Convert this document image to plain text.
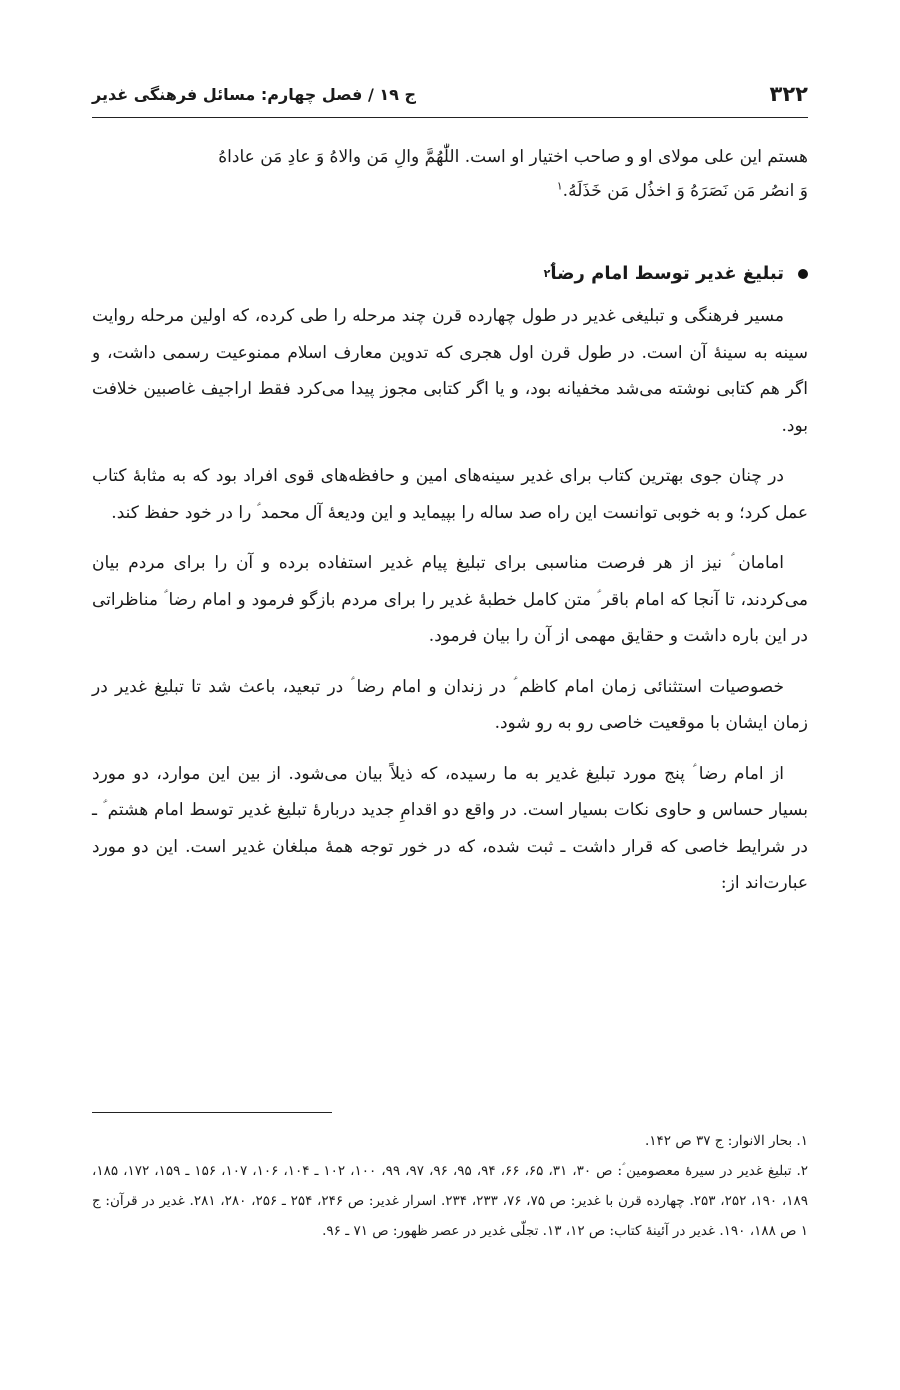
۳۲۲
ج ۱۹ / فصل چهارم: مسائل فرهنگی غدیر

هستم این علی مولای او و صاحب اختیار او است. اللّٰهُمَّ والِ مَن والاهُ وَ عادِ مَن عاداهُ

وَ انصُر مَن نَصَرَهُ وَ اخذُل مَن خَذَلَهُ.$^۱$

تبلیغ غدیر توسط امام رضا
۲

مسیر فرهنگی و تبلیغی غدیر در طول چهارده قرن چند مرحله را طی کرده، که اولین مرحله روایت سینه به سینهٔ آن است. در طول قرن اول هجری که تدوین معارف اسلام ممنوعیت رسمی داشت، و اگر هم کتابی نوشته می‌شد مخفیانه بود، و یا اگر کتابی مجوز پیدا می‌کرد فقط اراجیف غاصبین خلافت بود.

در چنان جوی بهترین کتاب برای غدیر سینه‌های امین و حافظه‌های قوی افراد بود که به مثابهٔ کتاب عمل کرد؛ و به خوبی توانست این راه صد ساله را بپیماید و این ودیعهٔ آل محمد ؑ را در خود حفظ کند.

امامان ؑ نیز از هر فرصت مناسبی برای تبلیغ پیام غدیر استفاده برده و آن را برای مردم بیان می‌کردند، تا آنجا که امام باقر ؑ متن کامل خطبهٔ غدیر را برای مردم بازگو فرمود و امام رضا ؑ مناظراتی در این باره داشت و حقایق مهمی از آن را بیان فرمود.

خصوصیات استثنائی زمان امام کاظم ؑ در زندان و امام رضا ؑ در تبعید، باعث شد تا تبلیغ غدیر در زمان ایشان با موقعیت خاصی رو به رو شود.

از امام رضا ؑ پنج مورد تبلیغ غدیر به ما رسیده، که ذیلاً بیان می‌شود. از بین این موارد، دو مورد بسیار حساس و حاوی نکات بسیار است. در واقع دو اقدامِ جدید دربارهٔ تبلیغ غدیر توسط امام هشتم ؑ ـ در شرایط خاصی که قرار داشت ـ ثبت شده، که در خور توجه همهٔ مبلغان غدیر است. این دو مورد عبارت‌اند از:

۱. بحار الانوار: ج ۳۷ ص ۱۴۲.

۲. تبلیغ غدیر در سیرهٔ معصومین ؑ: ص ۳۰، ۳۱، ۶۵، ۶۶، ۹۴، ۹۵، ۹۶، ۹۷، ۹۹، ۱۰۰، ۱۰۲ ـ ۱۰۴، ۱۰۶، ۱۰۷، ۱۵۶ ـ ۱۵۹، ۱۷۲، ۱۸۵، ۱۸۹، ۱۹۰، ۲۵۲، ۲۵۳. چهارده قرن با غدیر: ص ۷۵، ۷۶، ۲۳۳، ۲۳۴. اسرار غدیر: ص ۲۴۶، ۲۵۴ ـ ۲۵۶، ۲۸۰، ۲۸۱. غدیر در قرآن: ج ۱ ص ۱۸۸، ۱۹۰. غدیر در آئینهٔ کتاب: ص ۱۲، ۱۳. تجلّی غدیر در عصر ظهور: ص ۷۱ ـ ۹۶.
